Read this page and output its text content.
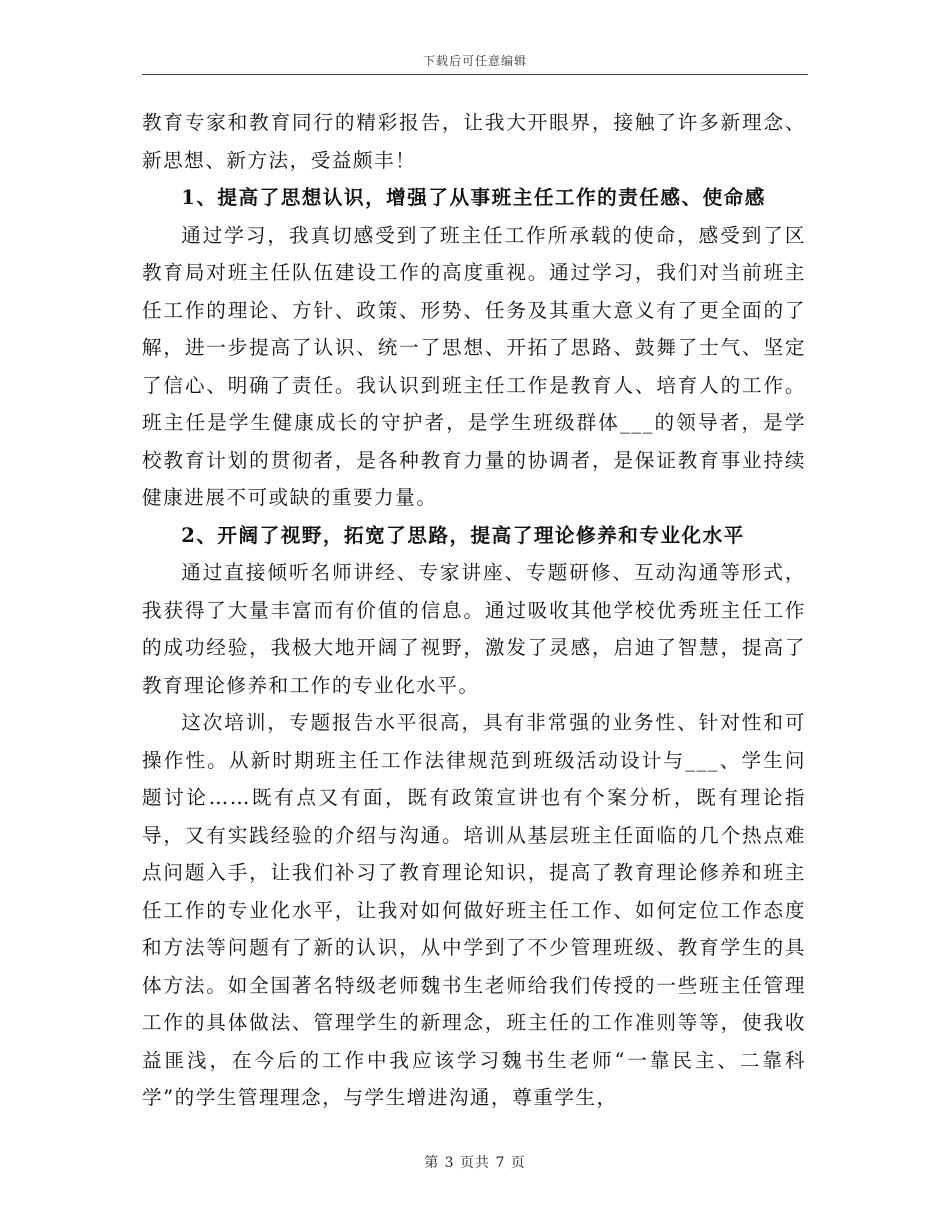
下载后可任意编辑

教育专家和教育同行的精彩报告，让我大开眼界，接触了许多新理念、新思想、新方法，受益颇丰！

1、提高了思想认识，增强了从事班主任工作的责任感、使命感

通过学习，我真切感受到了班主任工作所承载的使命，感受到了区教育局对班主任队伍建设工作的高度重视。通过学习，我们对当前班主任工作的理论、方针、政策、形势、任务及其重大意义有了更全面的了解，进一步提高了认识、统一了思想、开拓了思路、鼓舞了士气、坚定了信心、明确了责任。我认识到班主任工作是教育人、培育人的工作。班主任是学生健康成长的守护者，是学生班级群体___的领导者，是学校教育计划的贯彻者，是各种教育力量的协调者，是保证教育事业持续健康进展不可或缺的重要力量。

2、开阔了视野，拓宽了思路，提高了理论修养和专业化水平

通过直接倾听名师讲经、专家讲座、专题研修、互动沟通等形式，我获得了大量丰富而有价值的信息。通过吸收其他学校优秀班主任工作的成功经验，我极大地开阔了视野，激发了灵感，启迪了智慧，提高了教育理论修养和工作的专业化水平。

这次培训，专题报告水平很高，具有非常强的业务性、针对性和可操作性。从新时期班主任工作法律规范到班级活动设计与___、学生问题讨论……既有点又有面，既有政策宣讲也有个案分析，既有理论指导，又有实践经验的介绍与沟通。培训从基层班主任面临的几个热点难点问题入手，让我们补习了教育理论知识，提高了教育理论修养和班主任工作的专业化水平，让我对如何做好班主任工作、如何定位工作态度和方法等问题有了新的认识，从中学到了不少管理班级、教育学生的具体方法。如全国著名特级老师魏书生老师给我们传授的一些班主任管理工作的具体做法、管理学生的新理念，班主任的工作准则等等，使我收益匪浅，在今后的工作中我应该学习魏书生老师“一靠民主、二靠科学”的学生管理理念，与学生增进沟通，尊重学生，

第 3 页共 7 页
